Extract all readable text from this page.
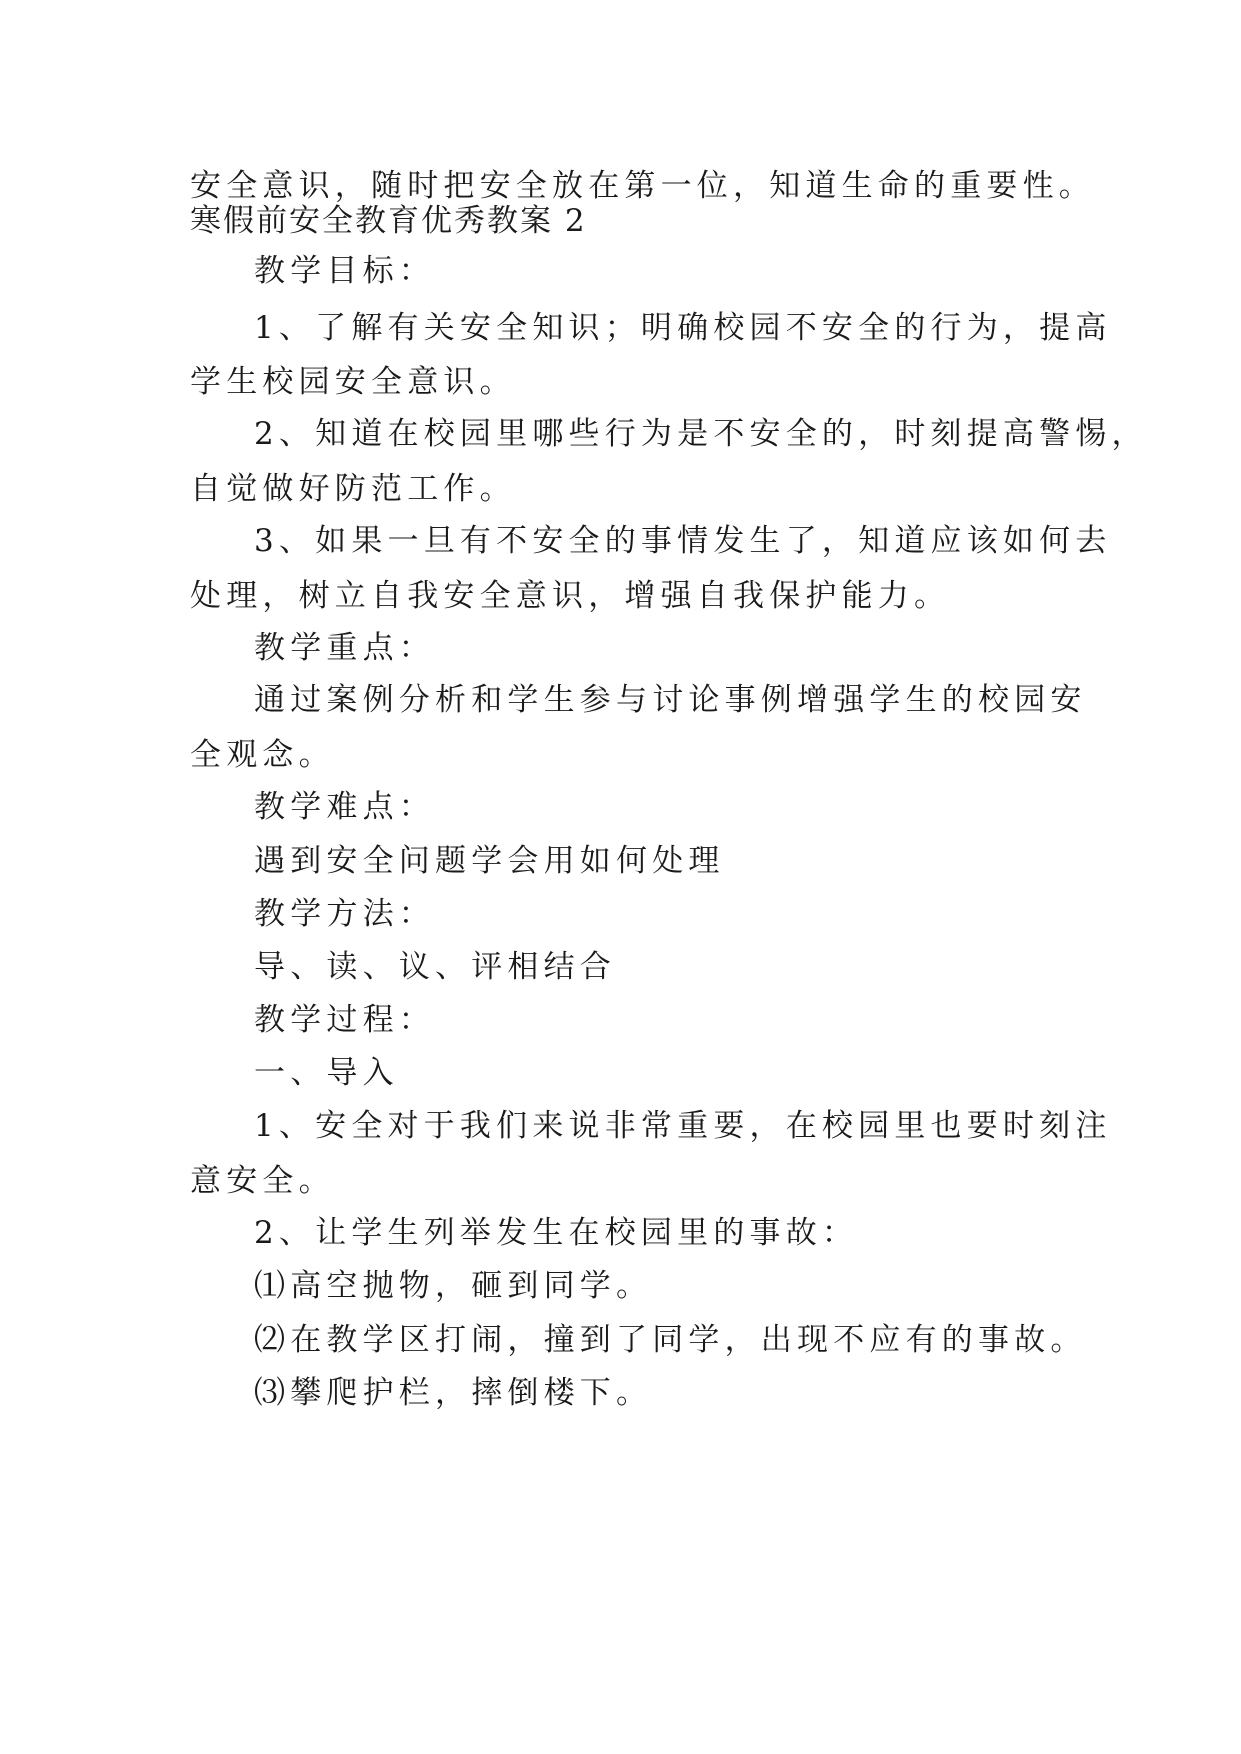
安全意识，随时把安全放在第一位，知道生命的重要性。
寒假前安全教育优秀教案 2
教学目标：
1、了解有关安全知识；明确校园不安全的行为，提高
学生校园安全意识。
2、知道在校园里哪些行为是不安全的，时刻提高警惕，
自觉做好防范工作。
3、如果一旦有不安全的事情发生了，知道应该如何去
处理，树立自我安全意识，增强自我保护能力。
教学重点：
通过案例分析和学生参与讨论事例增强学生的校园安
全观念。
教学难点：
遇到安全问题学会用如何处理
教学方法：
导、读、议、评相结合
教学过程：
一、导入
1、安全对于我们来说非常重要，在校园里也要时刻注
意安全。
2、让学生列举发生在校园里的事故：
⑴高空抛物，砸到同学。
⑵在教学区打闹，撞到了同学，出现不应有的事故。
⑶攀爬护栏，摔倒楼下。
